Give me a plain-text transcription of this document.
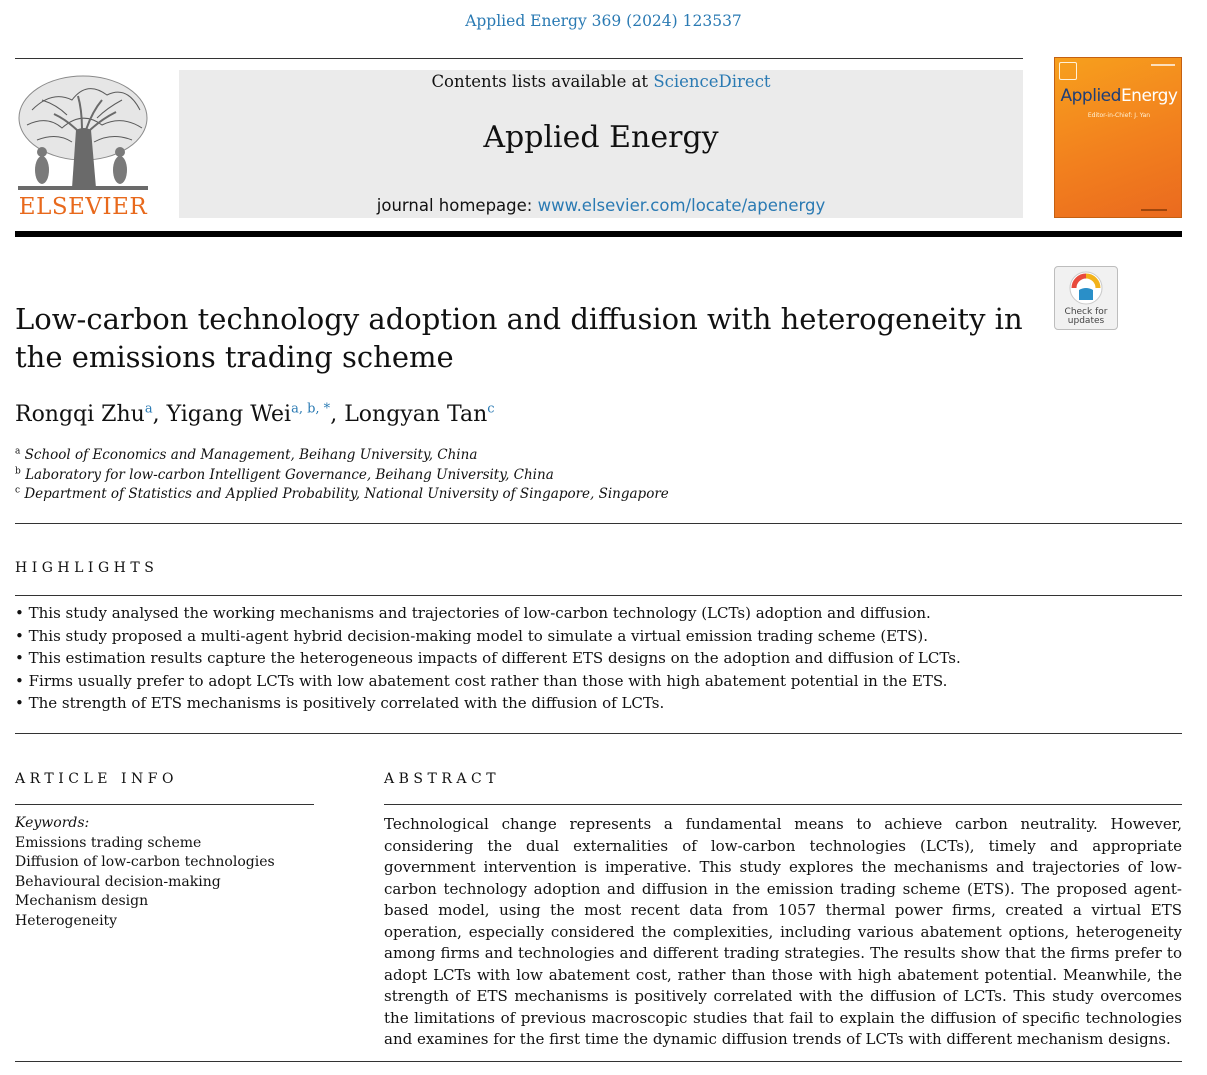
Applied Energy 369 (2024) 123537
ELSEVIER
Contents lists available at ScienceDirect
Applied Energy
journal homepage: www.elsevier.com/locate/apenergy
AppliedEnergy
Editor-in-Chief: J. Yan
Check for
updates
Low-carbon technology adoption and diffusion with heterogeneity in the emissions trading scheme
Rongqi Zhu$^a$, Yigang Wei$^{a, b, *}$, Longyan Tan$^c$
$^a$ School of Economics and Management, Beihang University, China
$^b$ Laboratory for low-carbon Intelligent Governance, Beihang University, China
$^c$ Department of Statistics and Applied Probability, National University of Singapore, Singapore
HIGHLIGHTS
• This study analysed the working mechanisms and trajectories of low-carbon technology (LCTs) adoption and diffusion.
• This study proposed a multi-agent hybrid decision-making model to simulate a virtual emission trading scheme (ETS).
• This estimation results capture the heterogeneous impacts of different ETS designs on the adoption and diffusion of LCTs.
• Firms usually prefer to adopt LCTs with low abatement cost rather than those with high abatement potential in the ETS.
• The strength of ETS mechanisms is positively correlated with the diffusion of LCTs.
ARTICLE INFO
Keywords:
Emissions trading scheme
Diffusion of low-carbon technologies
Behavioural decision-making
Mechanism design
Heterogeneity
ABSTRACT
Technological change represents a fundamental means to achieve carbon neutrality. However, considering the dual externalities of low-carbon technologies (LCTs), timely and appropriate government intervention is imperative. This study explores the mechanisms and trajectories of low-carbon technology adoption and diffusion in the emission trading scheme (ETS). The proposed agent-based model, using the most recent data from 1057 thermal power firms, created a virtual ETS operation, especially considered the complexities, including various abatement options, heterogeneity among firms and technologies and different trading strategies. The results show that the firms prefer to adopt LCTs with low abatement cost, rather than those with high abatement potential. Meanwhile, the strength of ETS mechanisms is positively correlated with the diffusion of LCTs. This study overcomes the limitations of previous macroscopic studies that fail to explain the diffusion of specific technologies and examines for the first time the dynamic diffusion trends of LCTs with different mechanism designs.
